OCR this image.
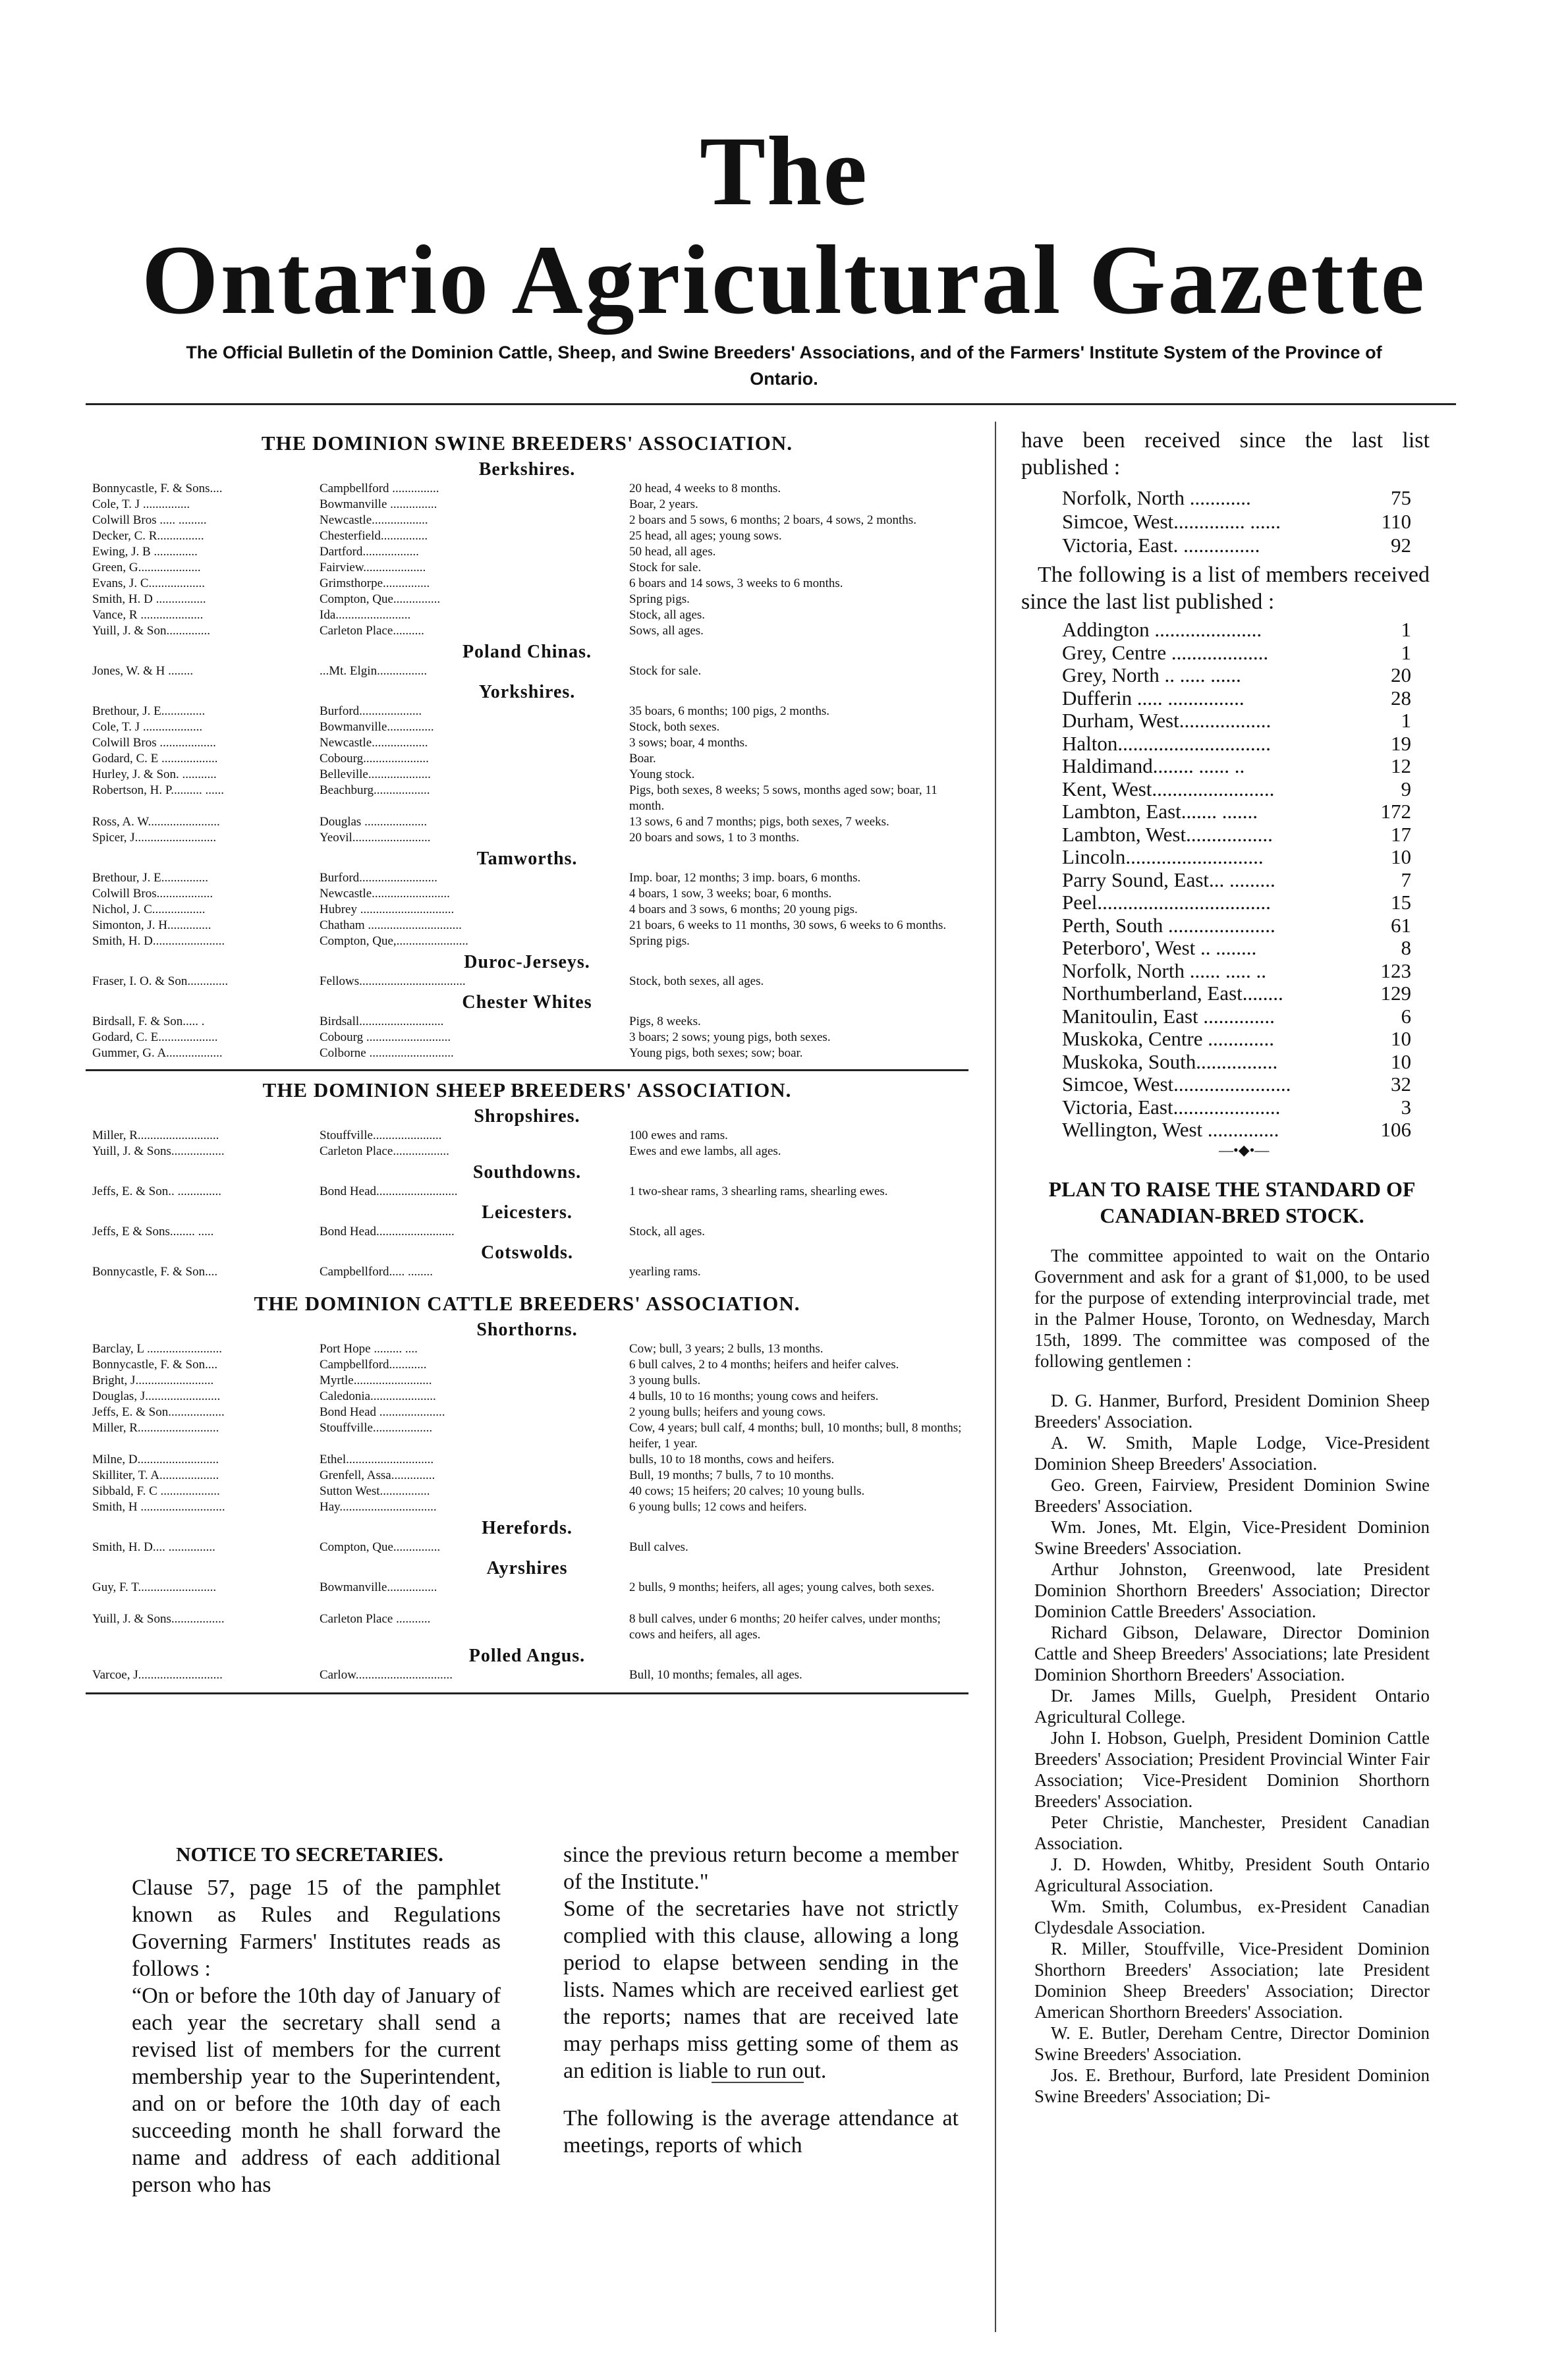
The
Ontario Agricultural Gazette
The Official Bulletin of the Dominion Cattle, Sheep, and Swine Breeders' Associations, and of the Farmers' Institute System of the Province of Ontario.
THE DOMINION SWINE BREEDERS' ASSOCIATION.
Berkshires.
Bonnycastle, F. & Sons....	Campbellford ...............	20 head, 4 weeks to 8 months.
Cole, T. J ...............	Bowmanville ...............	Boar, 2 years.
Colwill Bros ..... .........	Newcastle..................	2 boars and 5 sows, 6 months; 2 boars, 4 sows, 2 months.
Decker, C. R...............	Chesterfield...............	25 head, all ages; young sows.
Ewing, J. B ..............	Dartford..................	50 head, all ages.
Green, G....................	Fairview....................	Stock for sale.
Evans, J. C..................	Grimsthorpe...............	6 boars and 14 sows, 3 weeks to 6 months.
Smith, H. D ................	Compton, Que...............	Spring pigs.
Vance, R ....................	Ida........................	Stock, all ages.
Yuill, J. & Son..............	Carleton Place..........	Sows, all ages.
Poland Chinas.
Jones, W. & H ........	...Mt. Elgin................	Stock for sale.
Yorkshires.
Brethour, J. E..............	Burford....................	35 boars, 6 months; 100 pigs, 2 months.
Cole, T. J ...................	Bowmanville...............	Stock, both sexes.
Colwill Bros ..................	Newcastle..................	3 sows; boar, 4 months.
Godard, C. E ..................	Cobourg.....................	Boar.
Hurley, J. & Son. ...........	Belleville....................	Young stock.
Robertson, H. P.......... ......	Beachburg..................	Pigs, both sexes, 8 weeks; 5 sows, months aged sow; boar, 11 month.
Ross, A. W.......................	Douglas ....................	13 sows, 6 and 7 months; pigs, both sexes, 7 weeks.
Spicer, J..........................	Yeovil.........................	20 boars and sows, 1 to 3 months.
Tamworths.
Brethour, J. E...............	Burford.........................	Imp. boar, 12 months; 3 imp. boars, 6 months.
Colwill Bros..................	Newcastle.........................	4 boars, 1 sow, 3 weeks; boar, 6 months.
Nichol, J. C.................	Hubrey ..............................	4 boars and 3 sows, 6 months; 20 young pigs.
Simonton, J. H..............	Chatham ..............................	21 boars, 6 weeks to 11 months, 30 sows, 6 weeks to 6 months.
Smith, H. D.......................	Compton, Que,.......................	Spring pigs.
Duroc-Jerseys.
Fraser, I. O. & Son.............	Fellows..................................	Stock, both sexes, all ages.
Chester Whites
Birdsall, F. & Son..... .	Birdsall...........................	Pigs, 8 weeks.
Godard, C. E...................	Cobourg ...........................	3 boars; 2 sows; young pigs, both sexes.
Gummer, G. A..................	Colborne ...........................	Young pigs, both sexes; sow; boar.
THE DOMINION SHEEP BREEDERS' ASSOCIATION.
Shropshires.
Miller, R..........................	Stouffville......................	100 ewes and rams.
Yuill, J. & Sons.................	Carleton Place..................	Ewes and ewe lambs, all ages.
Southdowns.
Jeffs, E. & Son.. ..............	Bond Head..........................	1 two-shear rams, 3 shearling rams, shearling ewes.
Leicesters.
Jeffs, E & Sons........ .....	Bond Head.........................	Stock, all ages.
Cotswolds.
Bonnycastle, F. & Son....	Campbellford..... ........	yearling rams.
THE DOMINION CATTLE BREEDERS' ASSOCIATION.
Shorthorns.
Barclay, L ........................	Port Hope ......... ....	Cow; bull, 3 years; 2 bulls, 13 months.
Bonnycastle, F. & Son....	Campbellford............	6 bull calves, 2 to 4 months; heifers and heifer calves.
Bright, J.........................	Myrtle.........................	3 young bulls.
Douglas, J........................	Caledonia.....................	4 bulls, 10 to 16 months; young cows and heifers.
Jeffs, E. & Son..................	Bond Head .....................	2 young bulls; heifers and young cows.
Miller, R..........................	Stouffville...................	Cow, 4 years; bull calf, 4 months; bull, 10 months; bull, 8 months; heifer, 1 year.
Milne, D..........................	Ethel............................	bulls, 10 to 18 months, cows and heifers.
Skilliter, T. A...................	Grenfell, Assa..............	Bull, 19 months; 7 bulls, 7 to 10 months.
Sibbald, F. C ...................	Sutton West................	40 cows; 15 heifers; 20 calves; 10 young bulls.
Smith, H ...........................	Hay...............................	6 young bulls; 12 cows and heifers.
Herefords.
Smith, H. D.... ...............	Compton, Que...............	Bull calves.
Ayrshires
Guy, F. T.........................	Bowmanville................	2 bulls, 9 months; heifers, all ages; young calves, both sexes.
Yuill, J. & Sons.................	Carleton Place ...........	8 bull calves, under 6 months; 20 heifer calves, under months; cows and heifers, all ages.
Polled Angus.
Varcoe, J...........................	Carlow...............................	Bull, 10 months; females, all ages.
NOTICE TO SECRETARIES.
Clause 57, page 15 of the pamphlet known as Rules and Regulations Governing Farmers' Institutes reads as follows :
“On or before the 10th day of January of each year the secretary shall send a revised list of members for the current membership year to the Superintendent, and on or before the 10th day of each succeeding month he shall forward the name and address of each additional person who has
since the previous return become a member of the Institute."
Some of the secretaries have not strictly complied with this clause, allowing a long period to elapse between sending in the lists. Names which are received earliest get the reports; names that are received late may perhaps miss getting some of them as an edition is liable to run out.
The following is the average attendance at meetings, reports of which
have been received since the last list published :
Norfolk, North ............	75
Simcoe, West.............. ......	110
Victoria, East. ...............	92
The following is a list of members received since the last list published :
Addington .....................	1
Grey, Centre ...................	1
Grey, North .. ..... ......	20
Dufferin ..... ...............	28
Durham, West..................	1
Halton..............................	19
Haldimand........ ...... ..	12
Kent, West........................	9
Lambton, East....... .......	172
Lambton, West.................	17
Lincoln...........................	10
Parry Sound, East... .........	7
Peel..................................	15
Perth, South .....................	61
Peterboro', West .. ........	8
Norfolk, North ...... ..... ..	123
Northumberland, East........	129
Manitoulin, East ..............	6
Muskoka, Centre .............	10
Muskoka, South................	10
Simcoe, West.......................	32
Victoria, East.....................	3
Wellington, West ..............	106
—•◆•—
PLAN TO RAISE THE STANDARD OF CANADIAN-BRED STOCK.
The committee appointed to wait on the Ontario Government and ask for a grant of $1,000, to be used for the purpose of extending interprovincial trade, met in the Palmer House, Toronto, on Wednesday, March 15th, 1899. The committee was composed of the following gentlemen :
D. G. Hanmer, Burford, President Dominion Sheep Breeders' Association.
A. W. Smith, Maple Lodge, Vice-President Dominion Sheep Breeders' Association.
Geo. Green, Fairview, President Dominion Swine Breeders' Association.
Wm. Jones, Mt. Elgin, Vice-President Dominion Swine Breeders' Association.
Arthur Johnston, Greenwood, late President Dominion Shorthorn Breeders' Association; Director Dominion Cattle Breeders' Association.
Richard Gibson, Delaware, Director Dominion Cattle and Sheep Breeders' Associations; late President Dominion Shorthorn Breeders' Association.
Dr. James Mills, Guelph, President Ontario Agricultural College.
John I. Hobson, Guelph, President Dominion Cattle Breeders' Association; President Provincial Winter Fair Association; Vice-President Dominion Shorthorn Breeders' Association.
Peter Christie, Manchester, President Canadian Association.
J. D. Howden, Whitby, President South Ontario Agricultural Association.
Wm. Smith, Columbus, ex-President Canadian Clydesdale Association.
R. Miller, Stouffville, Vice-President Dominion Shorthorn Breeders' Association; late President Dominion Sheep Breeders' Association; Director American Shorthorn Breeders' Association.
W. E. Butler, Dereham Centre, Director Dominion Swine Breeders' Association.
Jos. E. Brethour, Burford, late President Dominion Swine Breeders' Association; Di-
